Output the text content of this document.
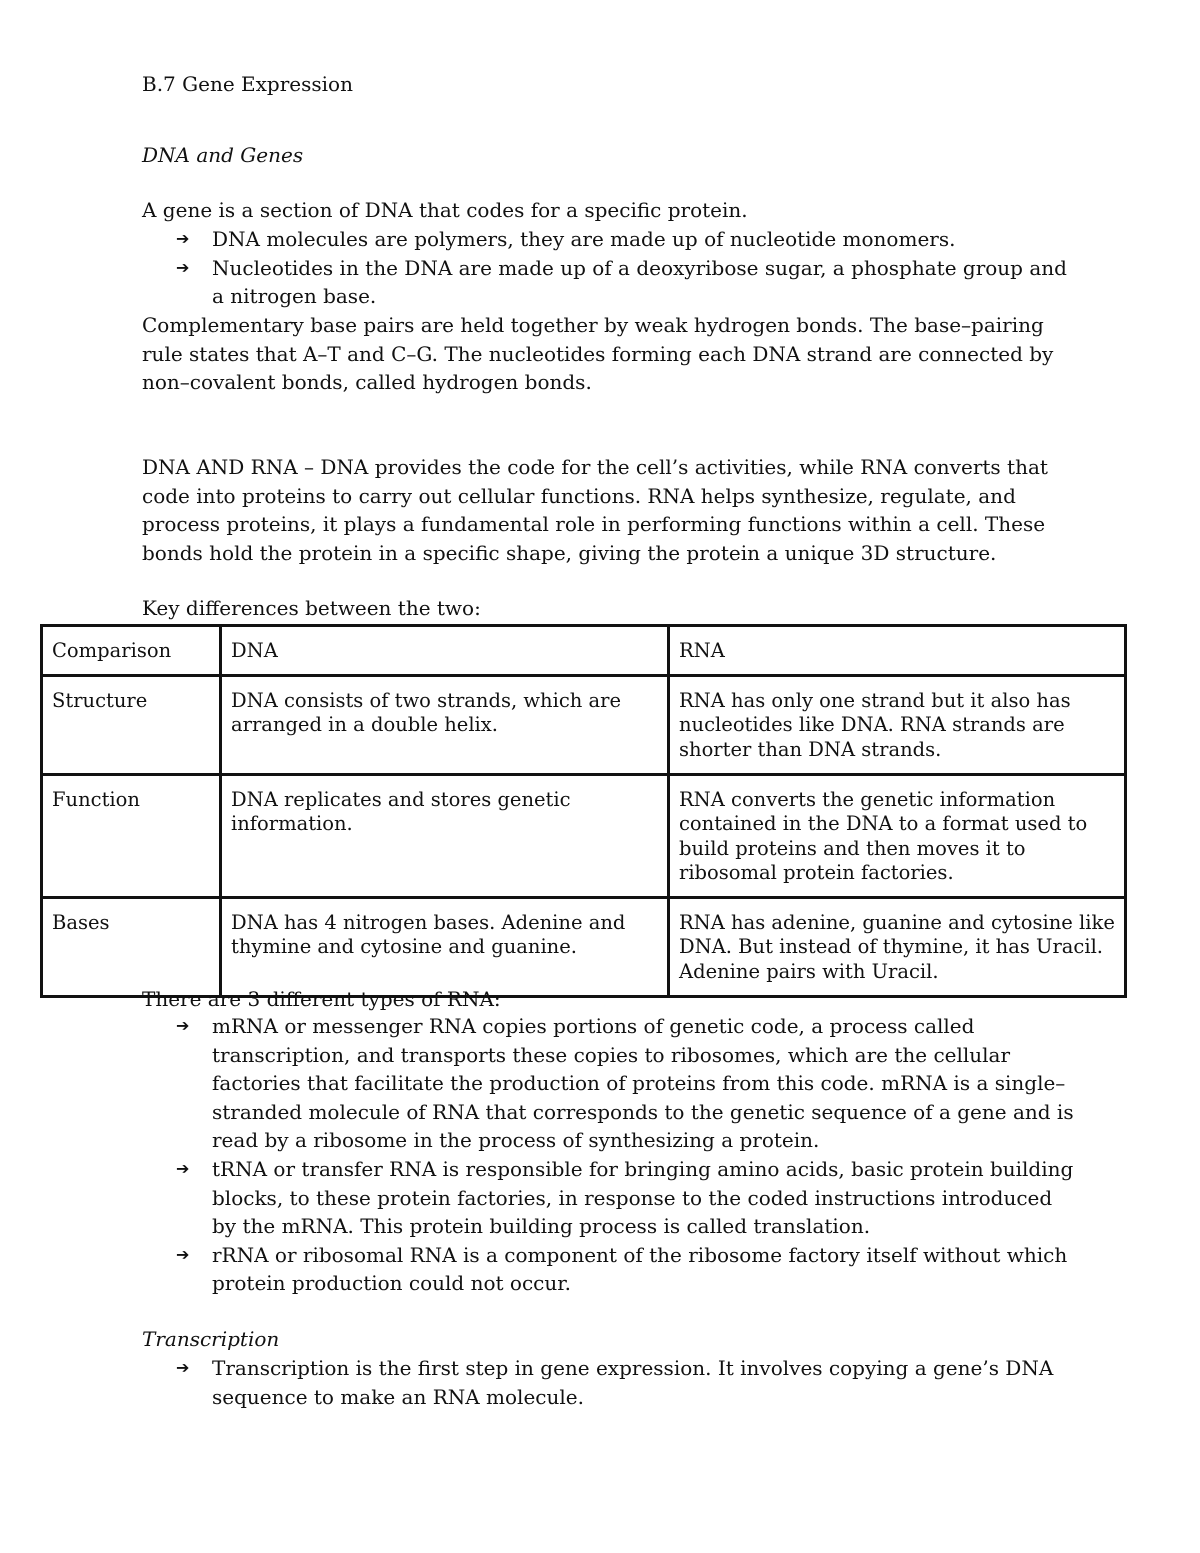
B.7 Gene Expression
DNA and Genes
A gene is a section of DNA that codes for a specific protein.
➔ DNA molecules are polymers, they are made up of nucleotide monomers.
➔ Nucleotides in the DNA are made up of a deoxyribose sugar, a phosphate group and a nitrogen base.
Complementary base pairs are held together by weak hydrogen bonds. The base–pairing rule states that A–T and C–G. The nucleotides forming each DNA strand are connected by non–covalent bonds, called hydrogen bonds.
DNA AND RNA – DNA provides the code for the cell’s activities, while RNA converts that code into proteins to carry out cellular functions. RNA helps synthesize, regulate, and process proteins, it plays a fundamental role in performing functions within a cell. These bonds hold the protein in a specific shape, giving the protein a unique 3D structure.
Key differences between the two:
Comparison	DNA	RNA
Structure	DNA consists of two strands, which are arranged in a double helix.	RNA has only one strand but it also has nucleotides like DNA. RNA strands are shorter than DNA strands.
Function	DNA replicates and stores genetic information.	RNA converts the genetic information contained in the DNA to a format used to build proteins and then moves it to ribosomal protein factories.
Bases	DNA has 4 nitrogen bases. Adenine and thymine and cytosine and guanine.	RNA has adenine, guanine and cytosine like DNA. But instead of thymine, it has Uracil. Adenine pairs with Uracil.
There are 3 different types of RNA:
➔ mRNA or messenger RNA copies portions of genetic code, a process called transcription, and transports these copies to ribosomes, which are the cellular factories that facilitate the production of proteins from this code. mRNA is a single–stranded molecule of RNA that corresponds to the genetic sequence of a gene and is read by a ribosome in the process of synthesizing a protein.
➔ tRNA or transfer RNA is responsible for bringing amino acids, basic protein building blocks, to these protein factories, in response to the coded instructions introduced by the mRNA. This protein building process is called translation.
➔ rRNA or ribosomal RNA is a component of the ribosome factory itself without which protein production could not occur.
Transcription
➔ Transcription is the first step in gene expression. It involves copying a gene’s DNA sequence to make an RNA molecule.
